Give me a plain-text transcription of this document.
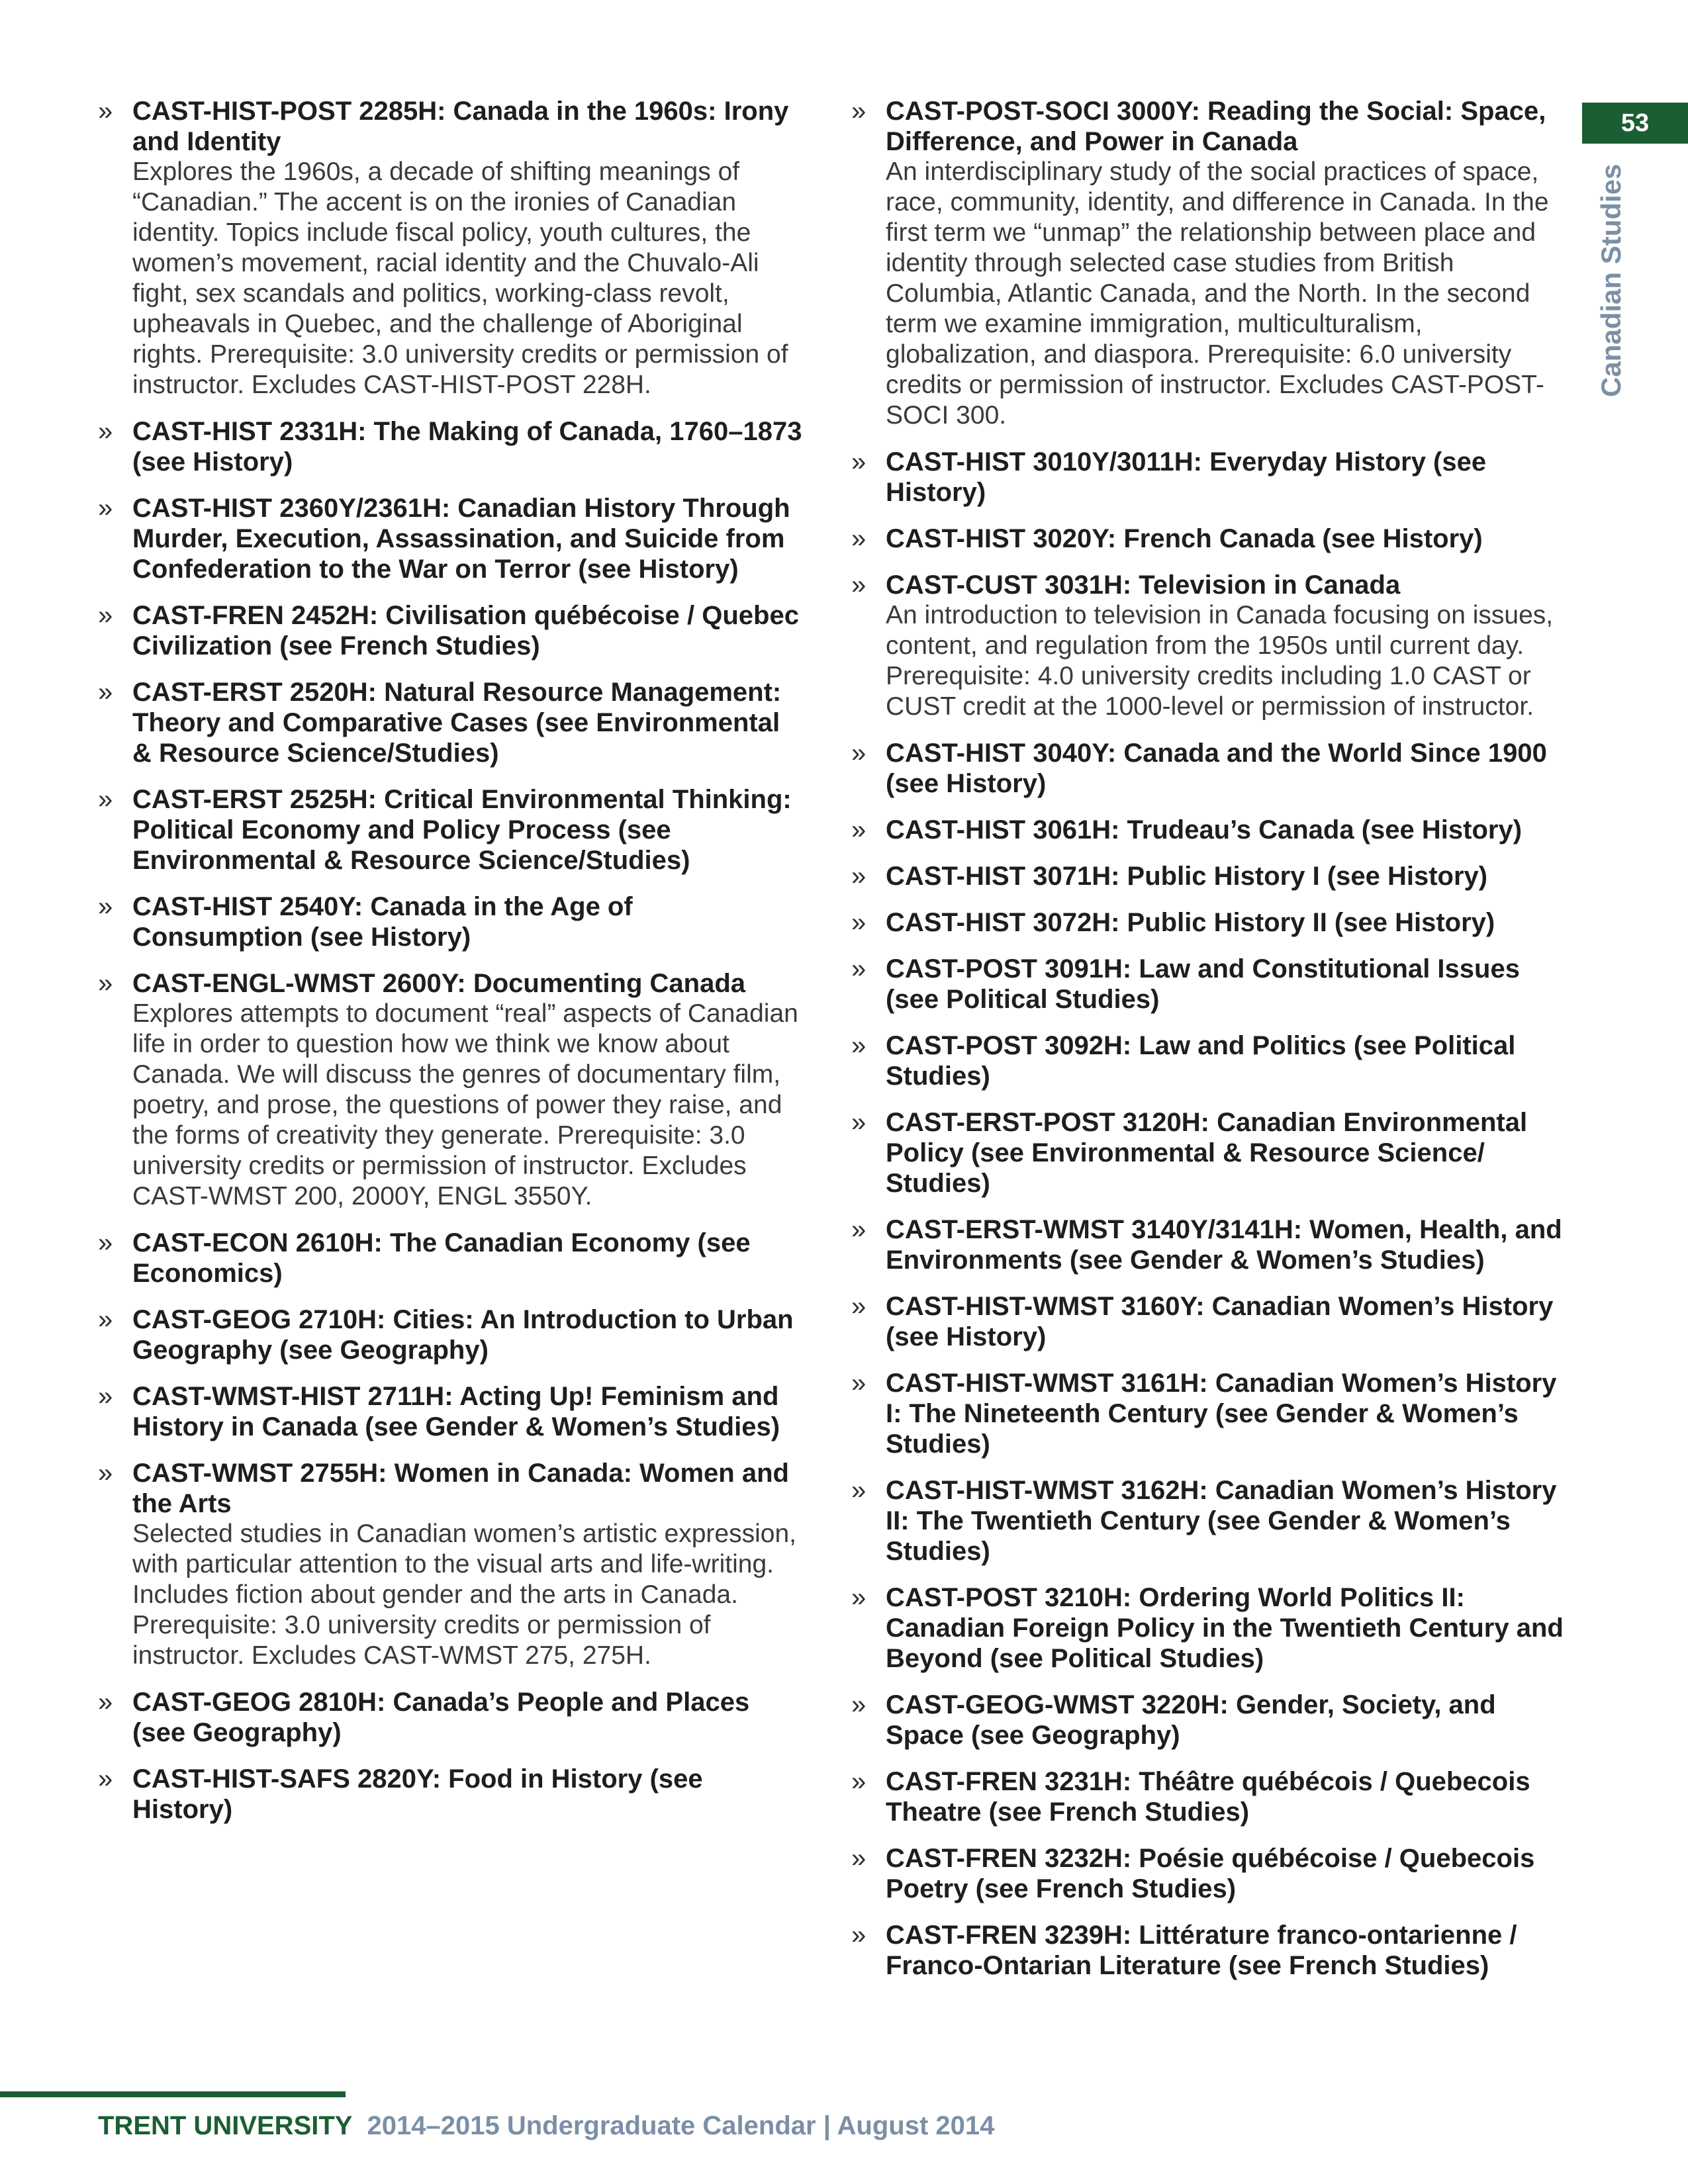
» CAST-HIST-POST 2285H: Canada in the 1960s: Irony and Identity

Explores the 1960s, a decade of shifting meanings of “Canadian.” The accent is on the ironies of Canadian identity. Topics include fiscal policy, youth cultures, the women’s movement, racial identity and the Chuvalo-Ali fight, sex scandals and politics, working-class revolt, upheavals in Quebec, and the challenge of Aboriginal rights. Prerequisite: 3.0 university credits or permission of instructor. Excludes CAST-HIST-POST 228H.

» CAST-HIST 2331H: The Making of Canada, 1760–1873 (see History)

» CAST-HIST 2360Y/2361H: Canadian History Through Murder, Execution, Assassination, and Suicide from Confederation to the War on Terror (see History)

» CAST-FREN 2452H: Civilisation québécoise / Quebec Civilization (see French Studies)

» CAST-ERST 2520H: Natural Resource Management: Theory and Comparative Cases (see Environmental & Resource Science/Studies)

» CAST-ERST 2525H: Critical Environmental Thinking: Political Economy and Policy Process (see Environmental & Resource Science/Studies)

» CAST-HIST 2540Y: Canada in the Age of Consumption (see History)

» CAST-ENGL-WMST 2600Y: Documenting Canada

Explores attempts to document “real” aspects of Canadian life in order to question how we think we know about Canada. We will discuss the genres of documentary film, poetry, and prose, the questions of power they raise, and the forms of creativity they generate. Prerequisite: 3.0 university credits or permission of instructor. Excludes CAST-WMST 200, 2000Y, ENGL 3550Y.

» CAST-ECON 2610H: The Canadian Economy (see Economics)

» CAST-GEOG 2710H: Cities: An Introduction to Urban Geography (see Geography)

» CAST-WMST-HIST 2711H: Acting Up! Feminism and History in Canada (see Gender & Women’s Studies)

» CAST-WMST 2755H: Women in Canada: Women and the Arts

Selected studies in Canadian women’s artistic expression, with particular attention to the visual arts and life-writing. Includes fiction about gender and the arts in Canada. Prerequisite: 3.0 university credits or permission of instructor. Excludes CAST-WMST 275, 275H.

» CAST-GEOG 2810H: Canada’s People and Places (see Geography)

» CAST-HIST-SAFS 2820Y: Food in History (see History)

» CAST-POST-SOCI 3000Y: Reading the Social: Space, Difference, and Power in Canada

An interdisciplinary study of the social practices of space, race, community, identity, and difference in Canada. In the first term we “unmap” the relationship between place and identity through selected case studies from British Columbia, Atlantic Canada, and the North. In the second term we examine immigration, multiculturalism, globalization, and diaspora. Prerequisite: 6.0 university credits or permission of instructor. Excludes CAST-POST-SOCI 300.

» CAST-HIST 3010Y/3011H: Everyday History (see History)

» CAST-HIST 3020Y: French Canada (see History)

» CAST-CUST 3031H: Television in Canada

An introduction to television in Canada focusing on issues, content, and regulation from the 1950s until current day. Prerequisite: 4.0 university credits including 1.0 CAST or CUST credit at the 1000-level or permission of instructor.

» CAST-HIST 3040Y: Canada and the World Since 1900 (see History)

» CAST-HIST 3061H: Trudeau’s Canada (see History)

» CAST-HIST 3071H: Public History I (see History)

» CAST-HIST 3072H: Public History II (see History)

» CAST-POST 3091H: Law and Constitutional Issues (see Political Studies)

» CAST-POST 3092H: Law and Politics (see Political Studies)

» CAST-ERST-POST 3120H: Canadian Environmental Policy (see Environmental & Resource Science/ Studies)

» CAST-ERST-WMST 3140Y/3141H: Women, Health, and Environments (see Gender & Women’s Studies)

» CAST-HIST-WMST 3160Y: Canadian Women’s History (see History)

» CAST-HIST-WMST 3161H: Canadian Women’s History I: The Nineteenth Century (see Gender & Women’s Studies)

» CAST-HIST-WMST 3162H: Canadian Women’s History II: The Twentieth Century (see Gender & Women’s Studies)

» CAST-POST 3210H: Ordering World Politics II: Canadian Foreign Policy in the Twentieth Century and Beyond (see Political Studies)

» CAST-GEOG-WMST 3220H: Gender, Society, and Space (see Geography)

» CAST-FREN 3231H: Théâtre québécois / Quebecois Theatre (see French Studies)

» CAST-FREN 3232H: Poésie québécoise / Quebecois Poetry (see French Studies)

» CAST-FREN 3239H: Littérature franco-ontarienne / Franco-Ontarian Literature (see French Studies)

53
Canadian Studies
TRENT UNIVERSITY 2014–2015 Undergraduate Calendar | August 2014
